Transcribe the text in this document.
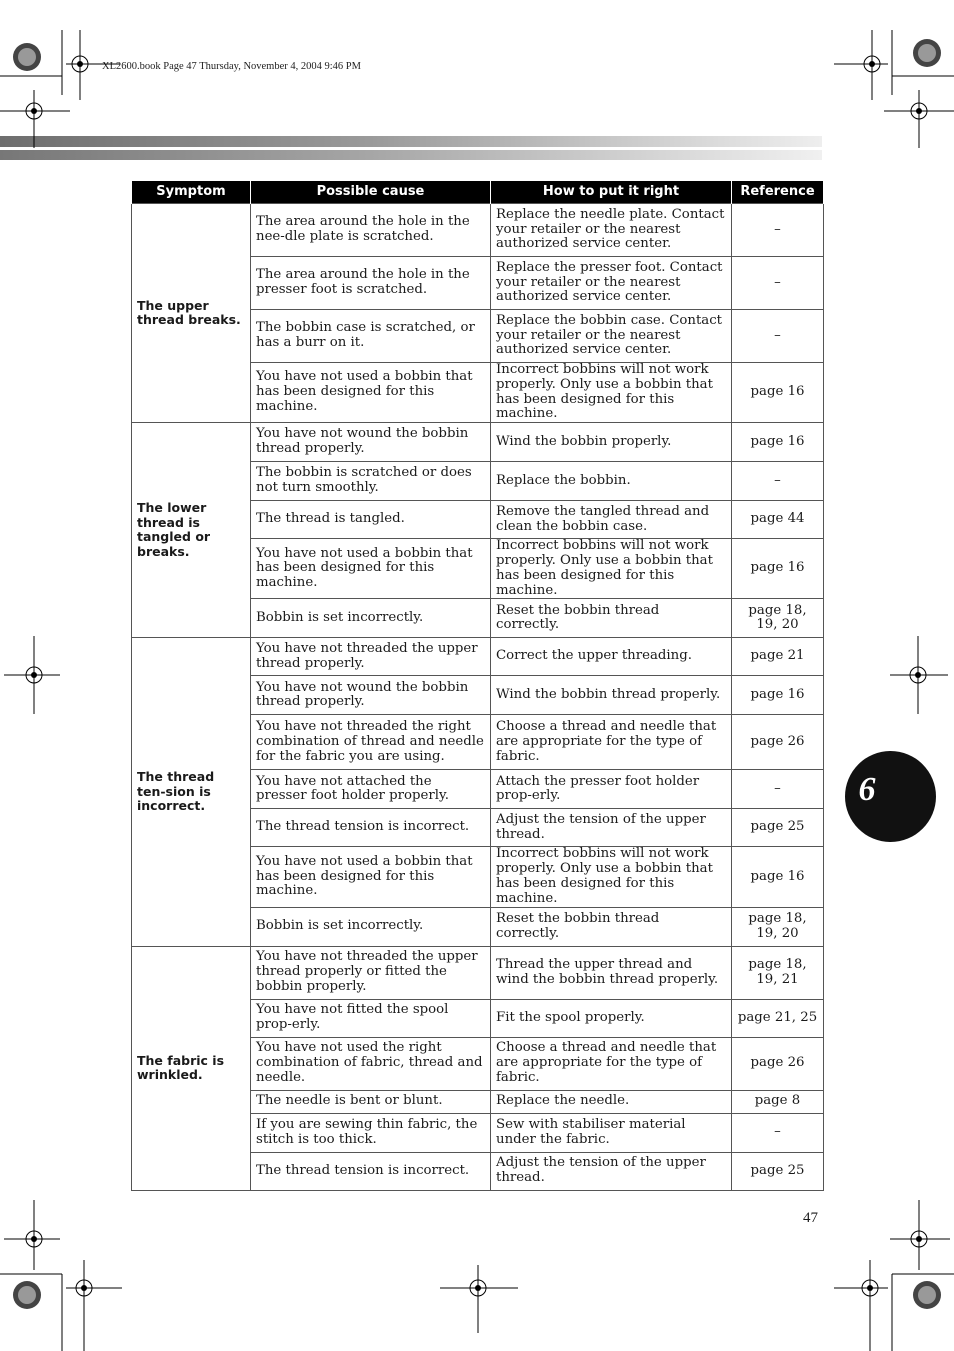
XL2600.book Page 47 Thursday, November 4, 2004 9:46 PM
Symptom	Possible cause	How to put it right	Reference
The upper thread breaks.	The area around the hole in the nee-dle plate is scratched.	Replace the needle plate. Contact your retailer or the nearest authorized service center.	–
	The area around the hole in the presser foot is scratched.	Replace the presser foot. Contact your retailer or the nearest authorized service center.	–
	The bobbin case is scratched, or has a burr on it.	Replace the bobbin case. Contact your retailer or the nearest authorized service center.	–
	You have not used a bobbin that has been designed for this machine.	Incorrect bobbins will not work properly. Only use a bobbin that has been designed for this machine.	page 16
The lower thread is tangled or breaks.	You have not wound the bobbin thread properly.	Wind the bobbin properly.	page 16
	The bobbin is scratched or does not turn smoothly.	Replace the bobbin.	–
	The thread is tangled.	Remove the tangled thread and clean the bobbin case.	page 44
	You have not used a bobbin that has been designed for this machine.	Incorrect bobbins will not work properly. Only use a bobbin that has been designed for this machine.	page 16
	Bobbin is set incorrectly.	Reset the bobbin thread correctly.	page 18, 19, 20
The thread ten-sion is incorrect.	You have not threaded the upper thread properly.	Correct the upper threading.	page 21
	You have not wound the bobbin thread properly.	Wind the bobbin thread properly.	page 16
	You have not threaded the right combination of thread and needle for the fabric you are using.	Choose a thread and needle that are appropriate for the type of fabric.	page 26
	You have not attached the presser foot holder properly.	Attach the presser foot holder prop-erly.	–
	The thread tension is incorrect.	Adjust the tension of the upper thread.	page 25
	You have not used a bobbin that has been designed for this machine.	Incorrect bobbins will not work properly. Only use a bobbin that has been designed for this machine.	page 16
	Bobbin is set incorrectly.	Reset the bobbin thread correctly.	page 18, 19, 20
The fabric is wrinkled.	You have not threaded the upper thread properly or fitted the bobbin properly.	Thread the upper thread and wind the bobbin thread properly.	page 18, 19, 21
	You have not fitted the spool prop-erly.	Fit the spool properly.	page 21, 25
	You have not used the right combination of fabric, thread and needle.	Choose a thread and needle that are appropriate for the type of fabric.	page 26
	The needle is bent or blunt.	Replace the needle.	page 8
	If you are sewing thin fabric, the stitch is too thick.	Sew with stabiliser material under the fabric.	–
	The thread tension is incorrect.	Adjust the tension of the upper thread.	page 25
6
47
